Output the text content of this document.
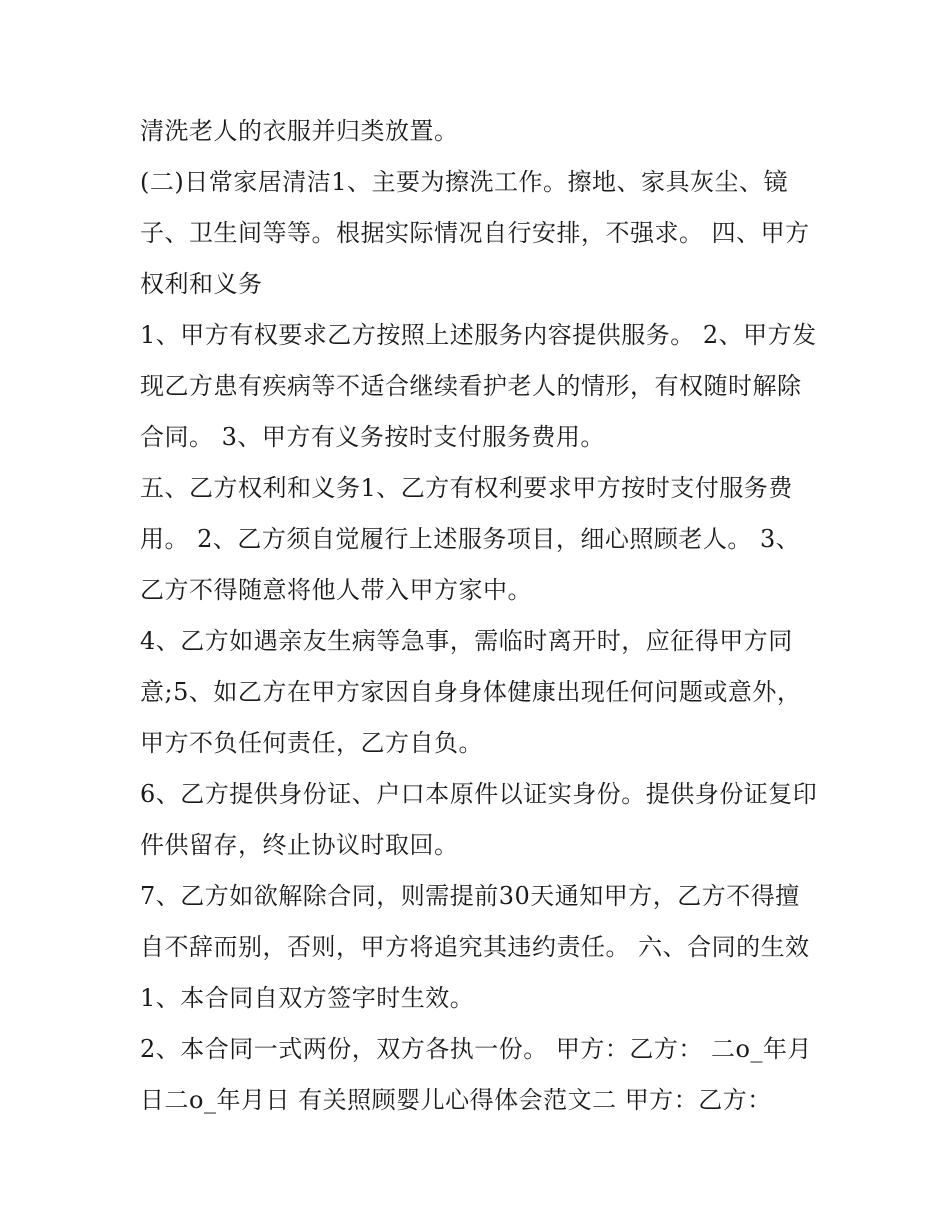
清洗老人的衣服并归类放置。

(二)日常家居清洁1、主要为擦洗工作。擦地、家具灰尘、镜子、卫生间等等。根据实际情况自行安排，不强求。 四、甲方权利和义务

1、甲方有权要求乙方按照上述服务内容提供服务。 2、甲方发现乙方患有疾病等不适合继续看护老人的情形，有权随时解除合同。 3、甲方有义务按时支付服务费用。

五、乙方权利和义务1、乙方有权利要求甲方按时支付服务费用。 2、乙方须自觉履行上述服务项目，细心照顾老人。 3、乙方不得随意将他人带入甲方家中。

4、乙方如遇亲友生病等急事，需临时离开时，应征得甲方同意;5、如乙方在甲方家因自身身体健康出现任何问题或意外，甲方不负任何责任，乙方自负。

6、乙方提供身份证、户口本原件以证实身份。提供身份证复印件供留存，终止协议时取回。

7、乙方如欲解除合同，则需提前30天通知甲方，乙方不得擅自不辞而别，否则，甲方将追究其违约责任。 六、合同的生效1、本合同自双方签字时生效。

2、本合同一式两份，双方各执一份。 甲方：乙方： 二o_年月日二o_年月日 有关照顾婴儿心得体会范文二 甲方：乙方：
